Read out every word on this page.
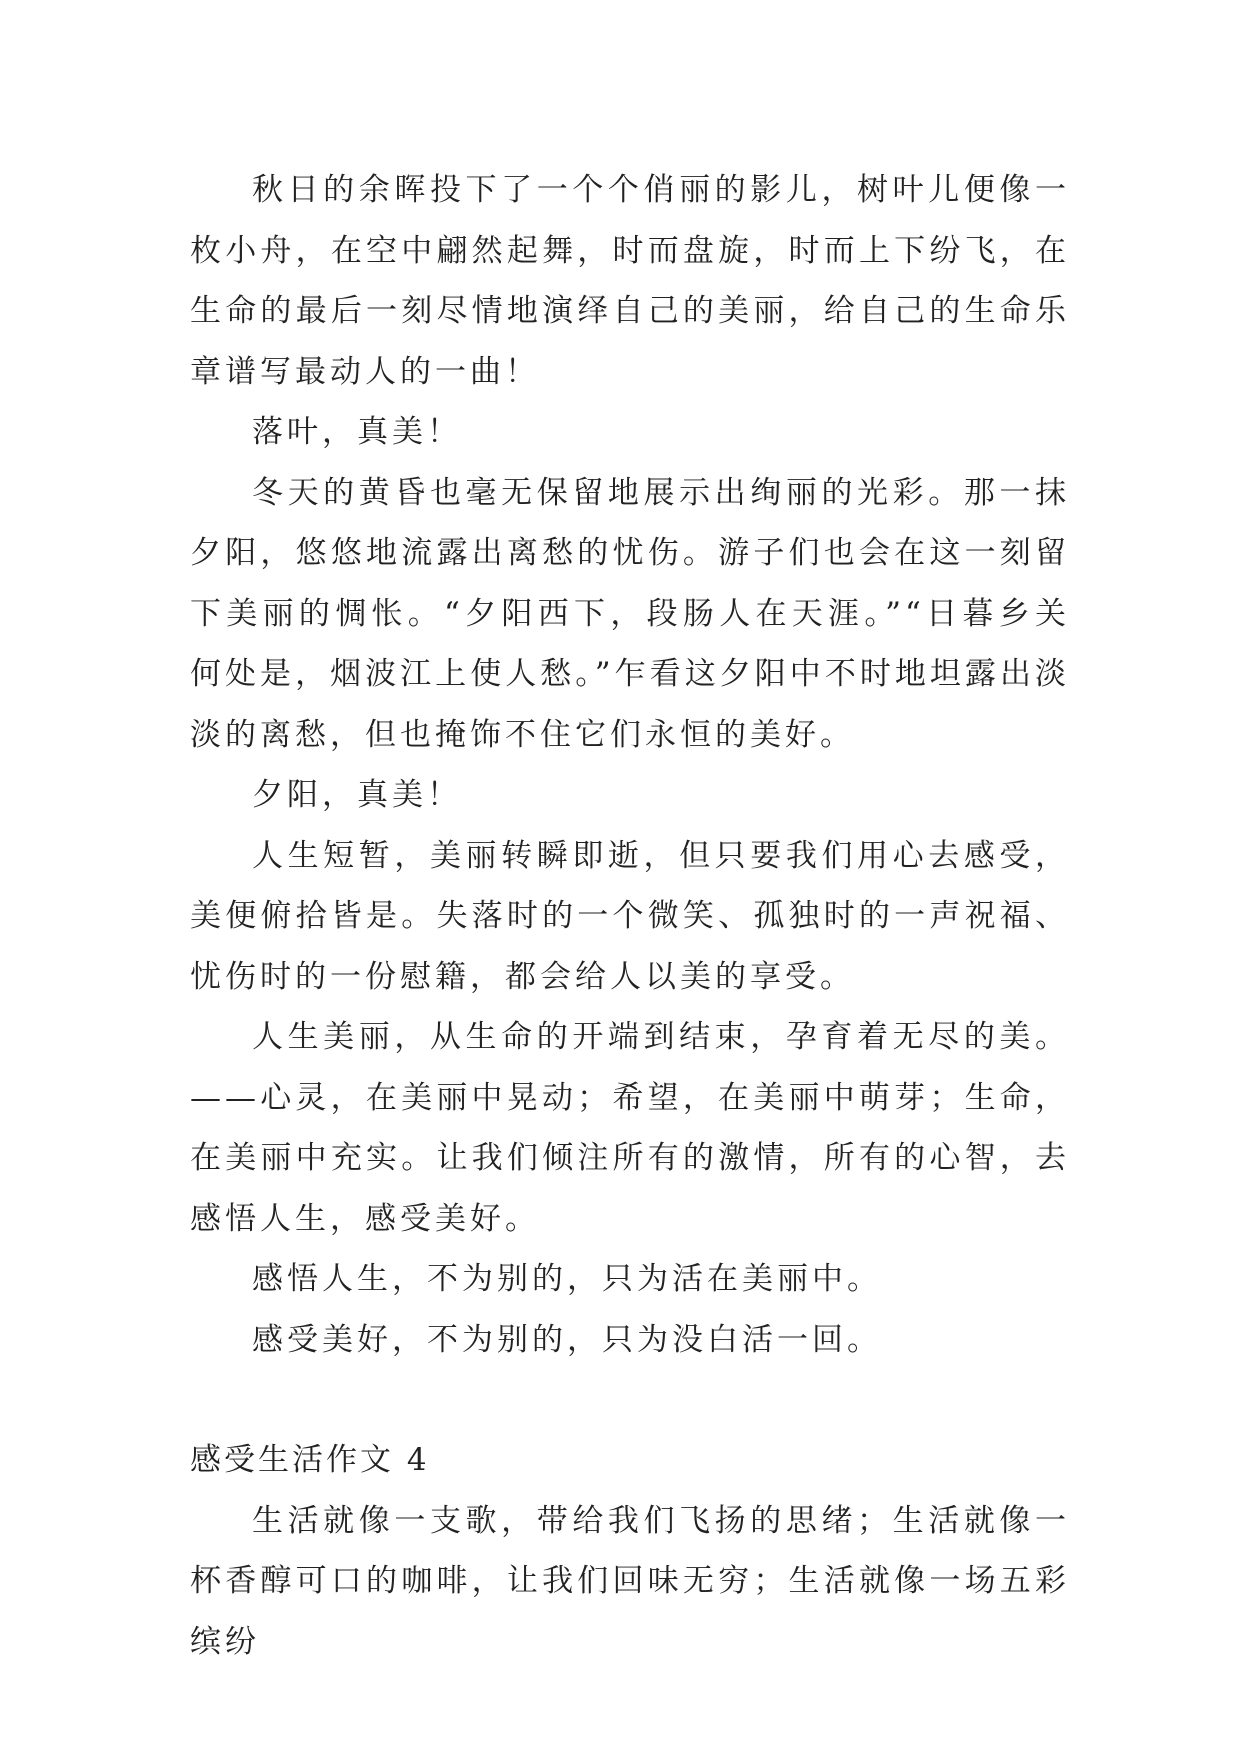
秋日的余晖投下了一个个俏丽的影儿，树叶儿便像一枚小舟，在空中翩然起舞，时而盘旋，时而上下纷飞，在生命的最后一刻尽情地演绎自己的美丽，给自己的生命乐章谱写最动人的一曲！

落叶，真美！

冬天的黄昏也毫无保留地展示出绚丽的光彩。那一抹夕阳，悠悠地流露出离愁的忧伤。游子们也会在这一刻留下美丽的惆怅。“夕阳西下，段肠人在天涯。”“日暮乡关何处是，烟波江上使人愁。”乍看这夕阳中不时地坦露出淡淡的离愁，但也掩饰不住它们永恒的美好。

夕阳，真美！

人生短暂，美丽转瞬即逝，但只要我们用心去感受，美便俯拾皆是。失落时的一个微笑、孤独时的一声祝福、忧伤时的一份慰籍，都会给人以美的享受。

人生美丽，从生命的开端到结束，孕育着无尽的美。——心灵，在美丽中晃动；希望，在美丽中萌芽；生命，在美丽中充实。让我们倾注所有的激情，所有的心智，去感悟人生，感受美好。

感悟人生，不为别的，只为活在美丽中。

感受美好，不为别的，只为没白活一回。

感受生活作文 4

生活就像一支歌，带给我们飞扬的思绪；生活就像一杯香醇可口的咖啡，让我们回味无穷；生活就像一场五彩缤纷
